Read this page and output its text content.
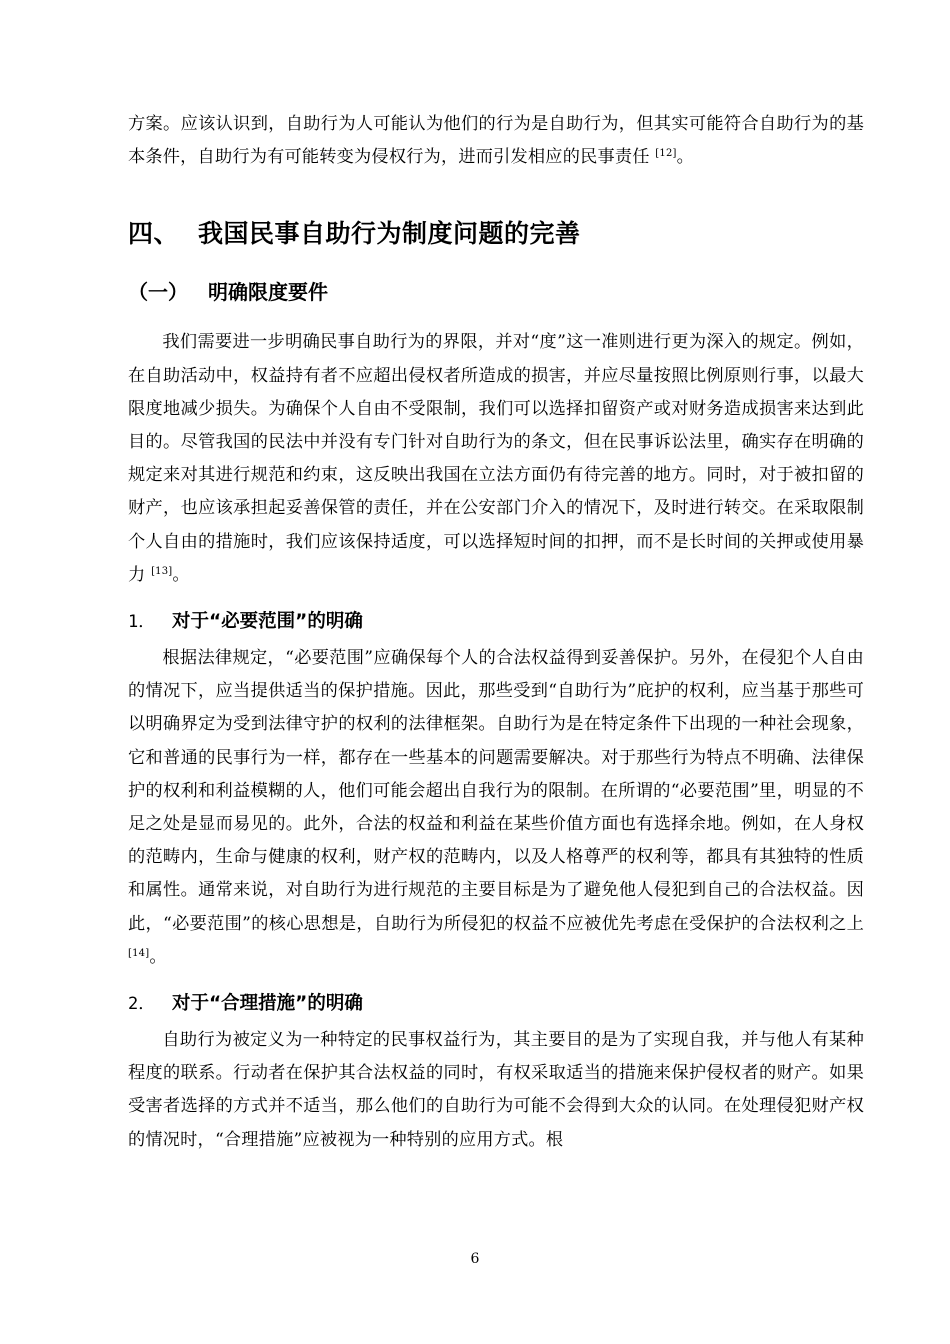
方案。应该认识到，自助行为人可能认为他们的行为是自助行为，但其实可能符合自助行为的基本条件，自助行为有可能转变为侵权行为，进而引发相应的民事责任 [12]。

四、 我国民事自助行为制度问题的完善
（一） 明确限度要件

我们需要进一步明确民事自助行为的界限，并对“度”这一准则进行更为深入的规定。例如，在自助活动中，权益持有者不应超出侵权者所造成的损害，并应尽量按照比例原则行事，以最大限度地减少损失。为确保个人自由不受限制，我们可以选择扣留资产或对财务造成损害来达到此目的。尽管我国的民法中并没有专门针对自助行为的条文，但在民事诉讼法里，确实存在明确的规定来对其进行规范和约束，这反映出我国在立法方面仍有待完善的地方。同时，对于被扣留的财产，也应该承担起妥善保管的责任，并在公安部门介入的情况下，及时进行转交。在采取限制个人自由的措施时，我们应该保持适度，可以选择短时间的扣押，而不是长时间的关押或使用暴力 [13]。

1． 对于“必要范围”的明确

根据法律规定，“必要范围”应确保每个人的合法权益得到妥善保护。另外，在侵犯个人自由的情况下，应当提供适当的保护措施。因此，那些受到“自助行为”庇护的权利，应当基于那些可以明确界定为受到法律守护的权利的法律框架。自助行为是在特定条件下出现的一种社会现象，它和普通的民事行为一样，都存在一些基本的问题需要解决。对于那些行为特点不明确、法律保护的权利和利益模糊的人，他们可能会超出自我行为的限制。在所谓的“必要范围”里，明显的不足之处是显而易见的。此外，合法的权益和利益在某些价值方面也有选择余地。例如，在人身权的范畴内，生命与健康的权利，财产权的范畴内，以及人格尊严的权利等，都具有其独特的性质和属性。通常来说，对自助行为进行规范的主要目标是为了避免他人侵犯到自己的合法权益。因此，“必要范围”的核心思想是，自助行为所侵犯的权益不应被优先考虑在受保护的合法权利之上[14]。

2． 对于“合理措施”的明确

自助行为被定义为一种特定的民事权益行为，其主要目的是为了实现自我，并与他人有某种程度的联系。行动者在保护其合法权益的同时，有权采取适当的措施来保护侵权者的财产。如果受害者选择的方式并不适当，那么他们的自助行为可能不会得到大众的认同。在处理侵犯财产权的情况时，“合理措施”应被视为一种特别的应用方式。根

6
